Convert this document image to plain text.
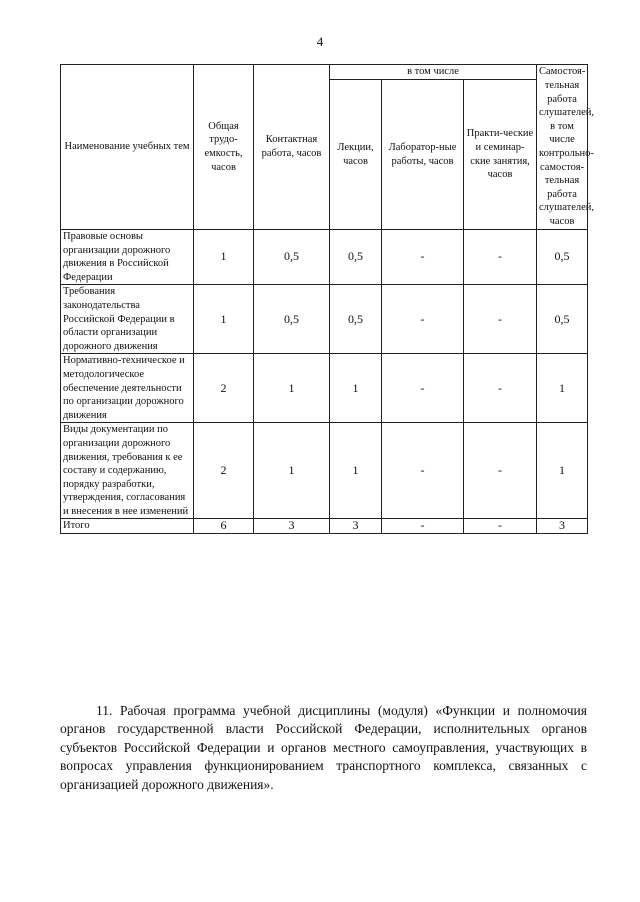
4
Наименование учебных тем	Общая трудо-емкость, часов	Контактная работа, часов	в том числе			Самостоя-тельная работа слушателей, в том числе контрольно-самостоя-тельная работа слушателей, часов
			Лекции, часов	Лаборатор-ные работы, часов	Практи-ческие и семинар-ские занятия, часов	
Правовые основы организации дорожного движения в Российской Федерации	1	0,5	0,5	-	-	0,5
Требования законодательства Российской Федерации в области организации дорожного движения	1	0,5	0,5	-	-	0,5
Нормативно-техническое и методологическое обеспечение деятельности по организации дорожного движения	2	1	1	-	-	1
Виды документации по организации дорожного движения, требования к ее составу и содержанию, порядку разработки, утверждения, согласования и внесения в нее изменений	2	1	1	-	-	1
Итого	6	3	3	-	-	3

11. Рабочая программа учебной дисциплины (модуля) «Функции и полномочия органов государственной власти Российской Федерации, исполнительных органов субъектов Российской Федерации и органов местного самоуправления, участвующих в вопросах управления функционированием транспортного комплекса, связанных с организацией дорожного движения».
